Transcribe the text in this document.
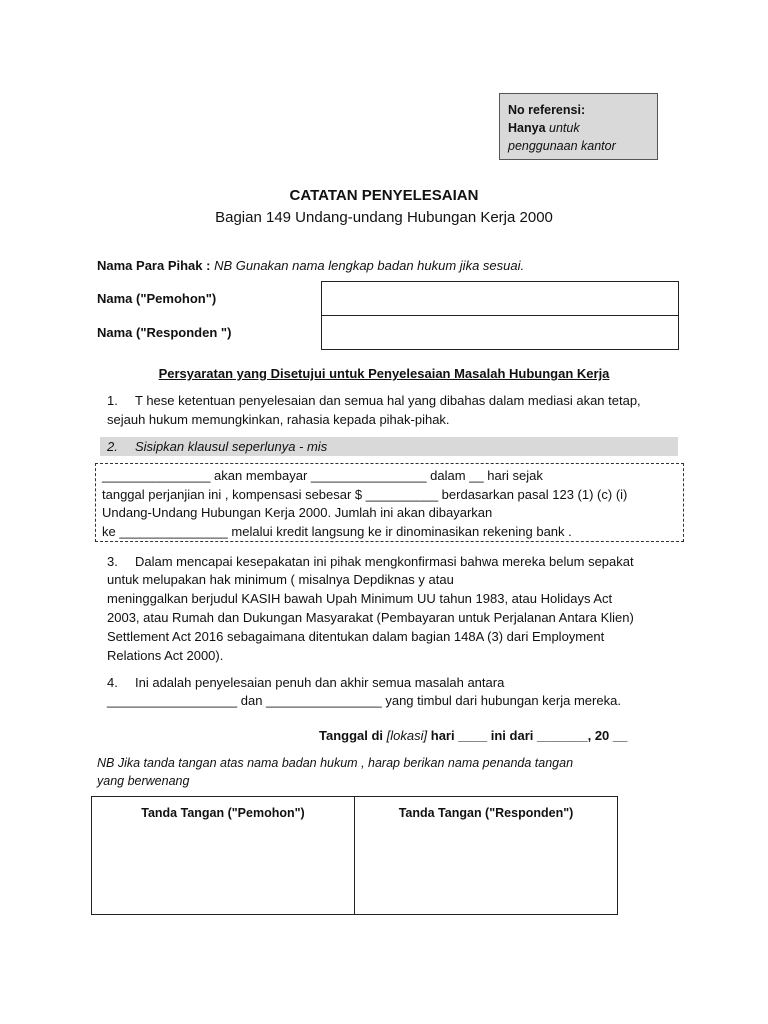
No referensi:
Hanya untuk
penggunaan kantor
CATATAN PENYELESAIAN
Bagian 149 Undang-undang Hubungan Kerja 2000
Nama Para Pihak : NB Gunakan nama lengkap badan hukum jika sesuai.
Nama ("Pemohon")	
Nama ("Responden ")	
Persyaratan yang Disetujui untuk Penyelesaian Masalah Hubungan Kerja
1. T hese ketentuan penyelesaian dan semua hal yang dibahas dalam mediasi akan tetap,
sejauh hukum memungkinkan, rahasia kepada pihak-pihak.
2. Sisipkan klausul seperlunya - mis
_______________ akan membayar ________________ dalam __ hari sejak
tanggal perjanjian ini , kompensasi sebesar $ __________ berdasarkan pasal 123 (1) (c) (i)
Undang-Undang Hubungan Kerja 2000. Jumlah ini akan dibayarkan
ke _______________ melalui kredit langsung ke ir dinominasikan rekening bank .
3. Dalam mencapai kesepakatan ini pihak mengkonfirmasi bahwa mereka belum sepakat
untuk melupakan hak minimum ( misalnya Depdiknas y atau
meninggalkan berjudul KASIH bawah Upah Minimum UU tahun 1983, atau Holidays Act
2003, atau Rumah dan Dukungan Masyarakat (Pembayaran untuk Perjalanan Antara Klien)
Settlement Act 2016 sebagaimana ditentukan dalam bagian 148A (3) dari Employment
Relations Act 2000).
4. Ini adalah penyelesaian penuh dan akhir semua masalah antara
__________________ dan ________________ yang timbul dari hubungan kerja mereka.
Tanggal di [lokasi] hari ____ ini dari _______, 20 __
NB Jika tanda tangan atas nama badan hukum , harap berikan nama penanda tangan
yang berwenang
Tanda Tangan ("Pemohon")	Tanda Tangan ("Responden")
